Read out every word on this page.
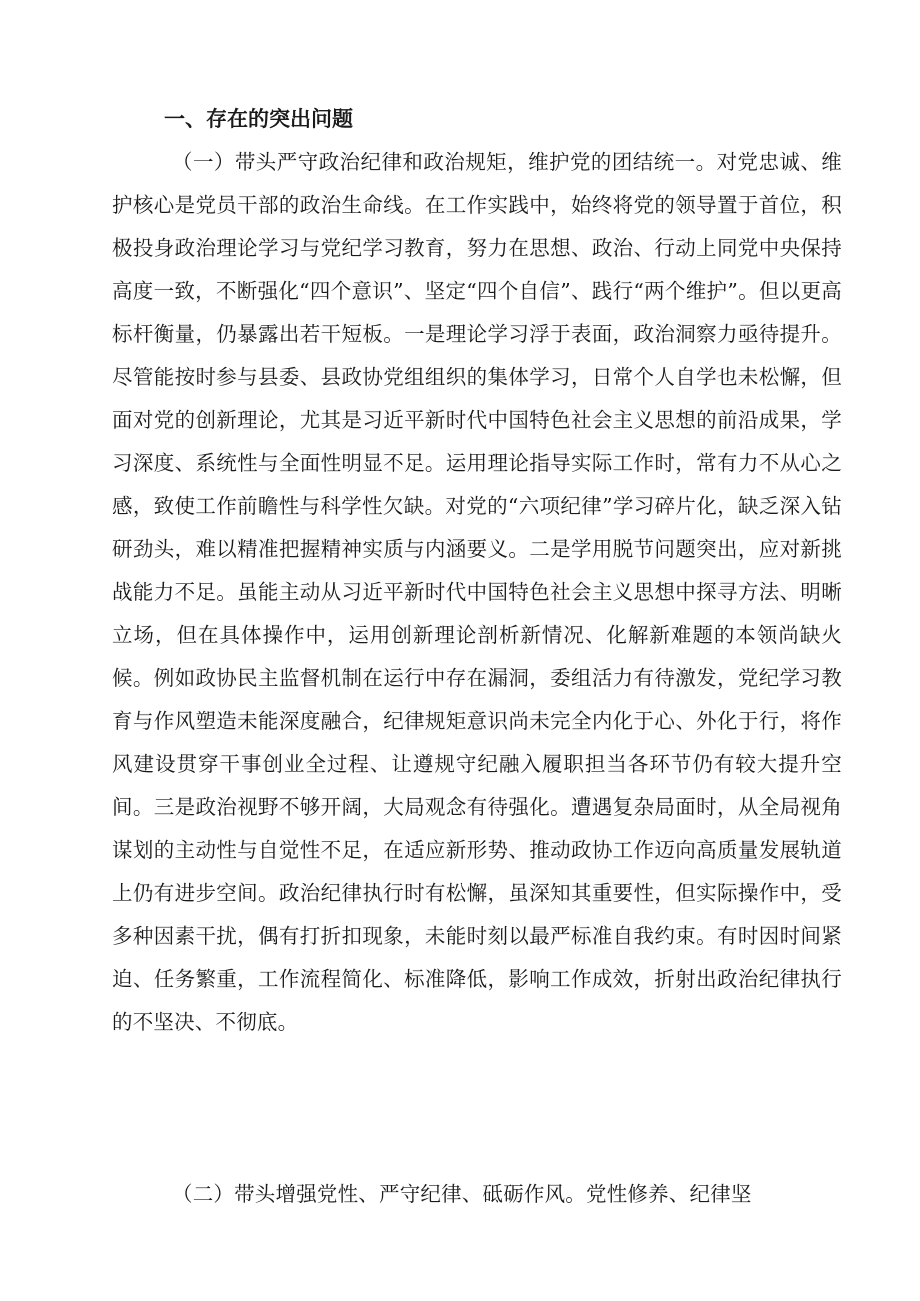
一、存在的突出问题

（一）带头严守政治纪律和政治规矩，维护党的团结统一。对党忠诚、维护核心是党员干部的政治生命线。在工作实践中，始终将党的领导置于首位，积极投身政治理论学习与党纪学习教育，努力在思想、政治、行动上同党中央保持高度一致，不断强化“四个意识”、坚定“四个自信”、践行“两个维护”。但以更高标杆衡量，仍暴露出若干短板。一是理论学习浮于表面，政治洞察力亟待提升。尽管能按时参与县委、县政协党组组织的集体学习，日常个人自学也未松懈，但面对党的创新理论，尤其是习近平新时代中国特色社会主义思想的前沿成果，学习深度、系统性与全面性明显不足。运用理论指导实际工作时，常有力不从心之感，致使工作前瞻性与科学性欠缺。对党的“六项纪律”学习碎片化，缺乏深入钻研劲头，难以精准把握精神实质与内涵要义。二是学用脱节问题突出，应对新挑战能力不足。虽能主动从习近平新时代中国特色社会主义思想中探寻方法、明晰立场，但在具体操作中，运用创新理论剖析新情况、化解新难题的本领尚缺火候。例如政协民主监督机制在运行中存在漏洞，委组活力有待激发，党纪学习教育与作风塑造未能深度融合，纪律规矩意识尚未完全内化于心、外化于行，将作风建设贯穿干事创业全过程、让遵规守纪融入履职担当各环节仍有较大提升空间。三是政治视野不够开阔，大局观念有待强化。遭遇复杂局面时，从全局视角谋划的主动性与自觉性不足，在适应新形势、推动政协工作迈向高质量发展轨道上仍有进步空间。政治纪律执行时有松懈，虽深知其重要性，但实际操作中，受多种因素干扰，偶有打折扣现象，未能时刻以最严标准自我约束。有时因时间紧迫、任务繁重，工作流程简化、标准降低，影响工作成效，折射出政治纪律执行的不坚决、不彻底。

（二）带头增强党性、严守纪律、砥砺作风。党性修养、纪律坚
